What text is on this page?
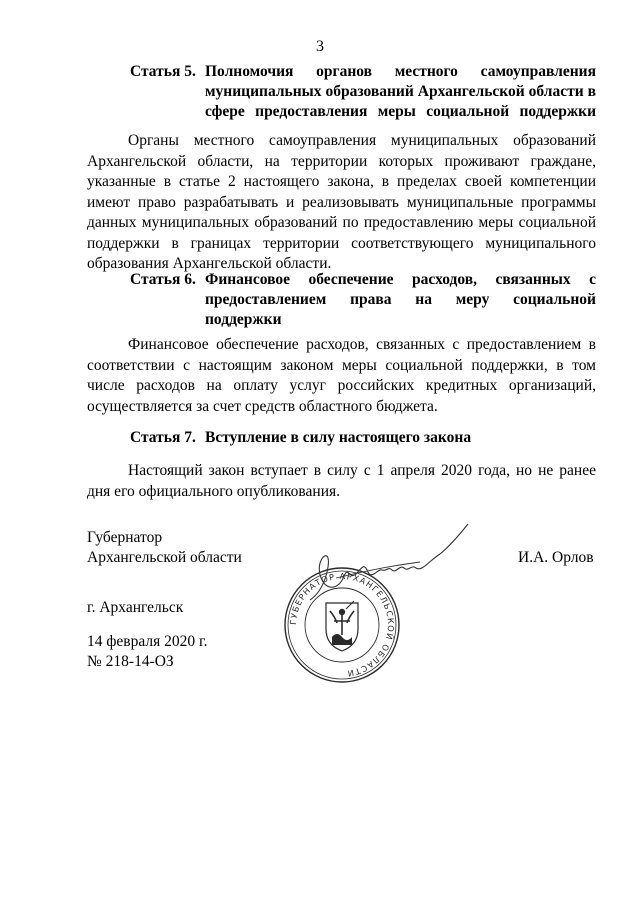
3
Статья 5. Полномочия органов местного самоуправления муниципальных образований Архангельской области в сфере предоставления меры социальной поддержки
Органы местного самоуправления муниципальных образований Архангельской области, на территории которых проживают граждане, указанные в статье 2 настоящего закона, в пределах своей компетенции имеют право разрабатывать и реализовывать муниципальные программы данных муниципальных образований по предоставлению меры социальной поддержки в границах территории соответствующего муниципального образования Архангельской области.
Статья 6. Финансовое обеспечение расходов, связанных с предоставлением права на меру социальной поддержки
Финансовое обеспечение расходов, связанных с предоставлением в соответствии с настоящим законом меры социальной поддержки, в том числе расходов на оплату услуг российских кредитных организаций, осуществляется за счет средств областного бюджета.
Статья 7. Вступление в силу настоящего закона
Настоящий закон вступает в силу с 1 апреля 2020 года, но не ранее дня его официального опубликования.
Губернатор
Архангельской области	И.А. Орлов
ГУБЕРНАТОР АРХАНГЕЛЬСКОЙ ОБЛАСТИ
г. Архангельск
14 февраля 2020 г.
№ 218-14-ОЗ
